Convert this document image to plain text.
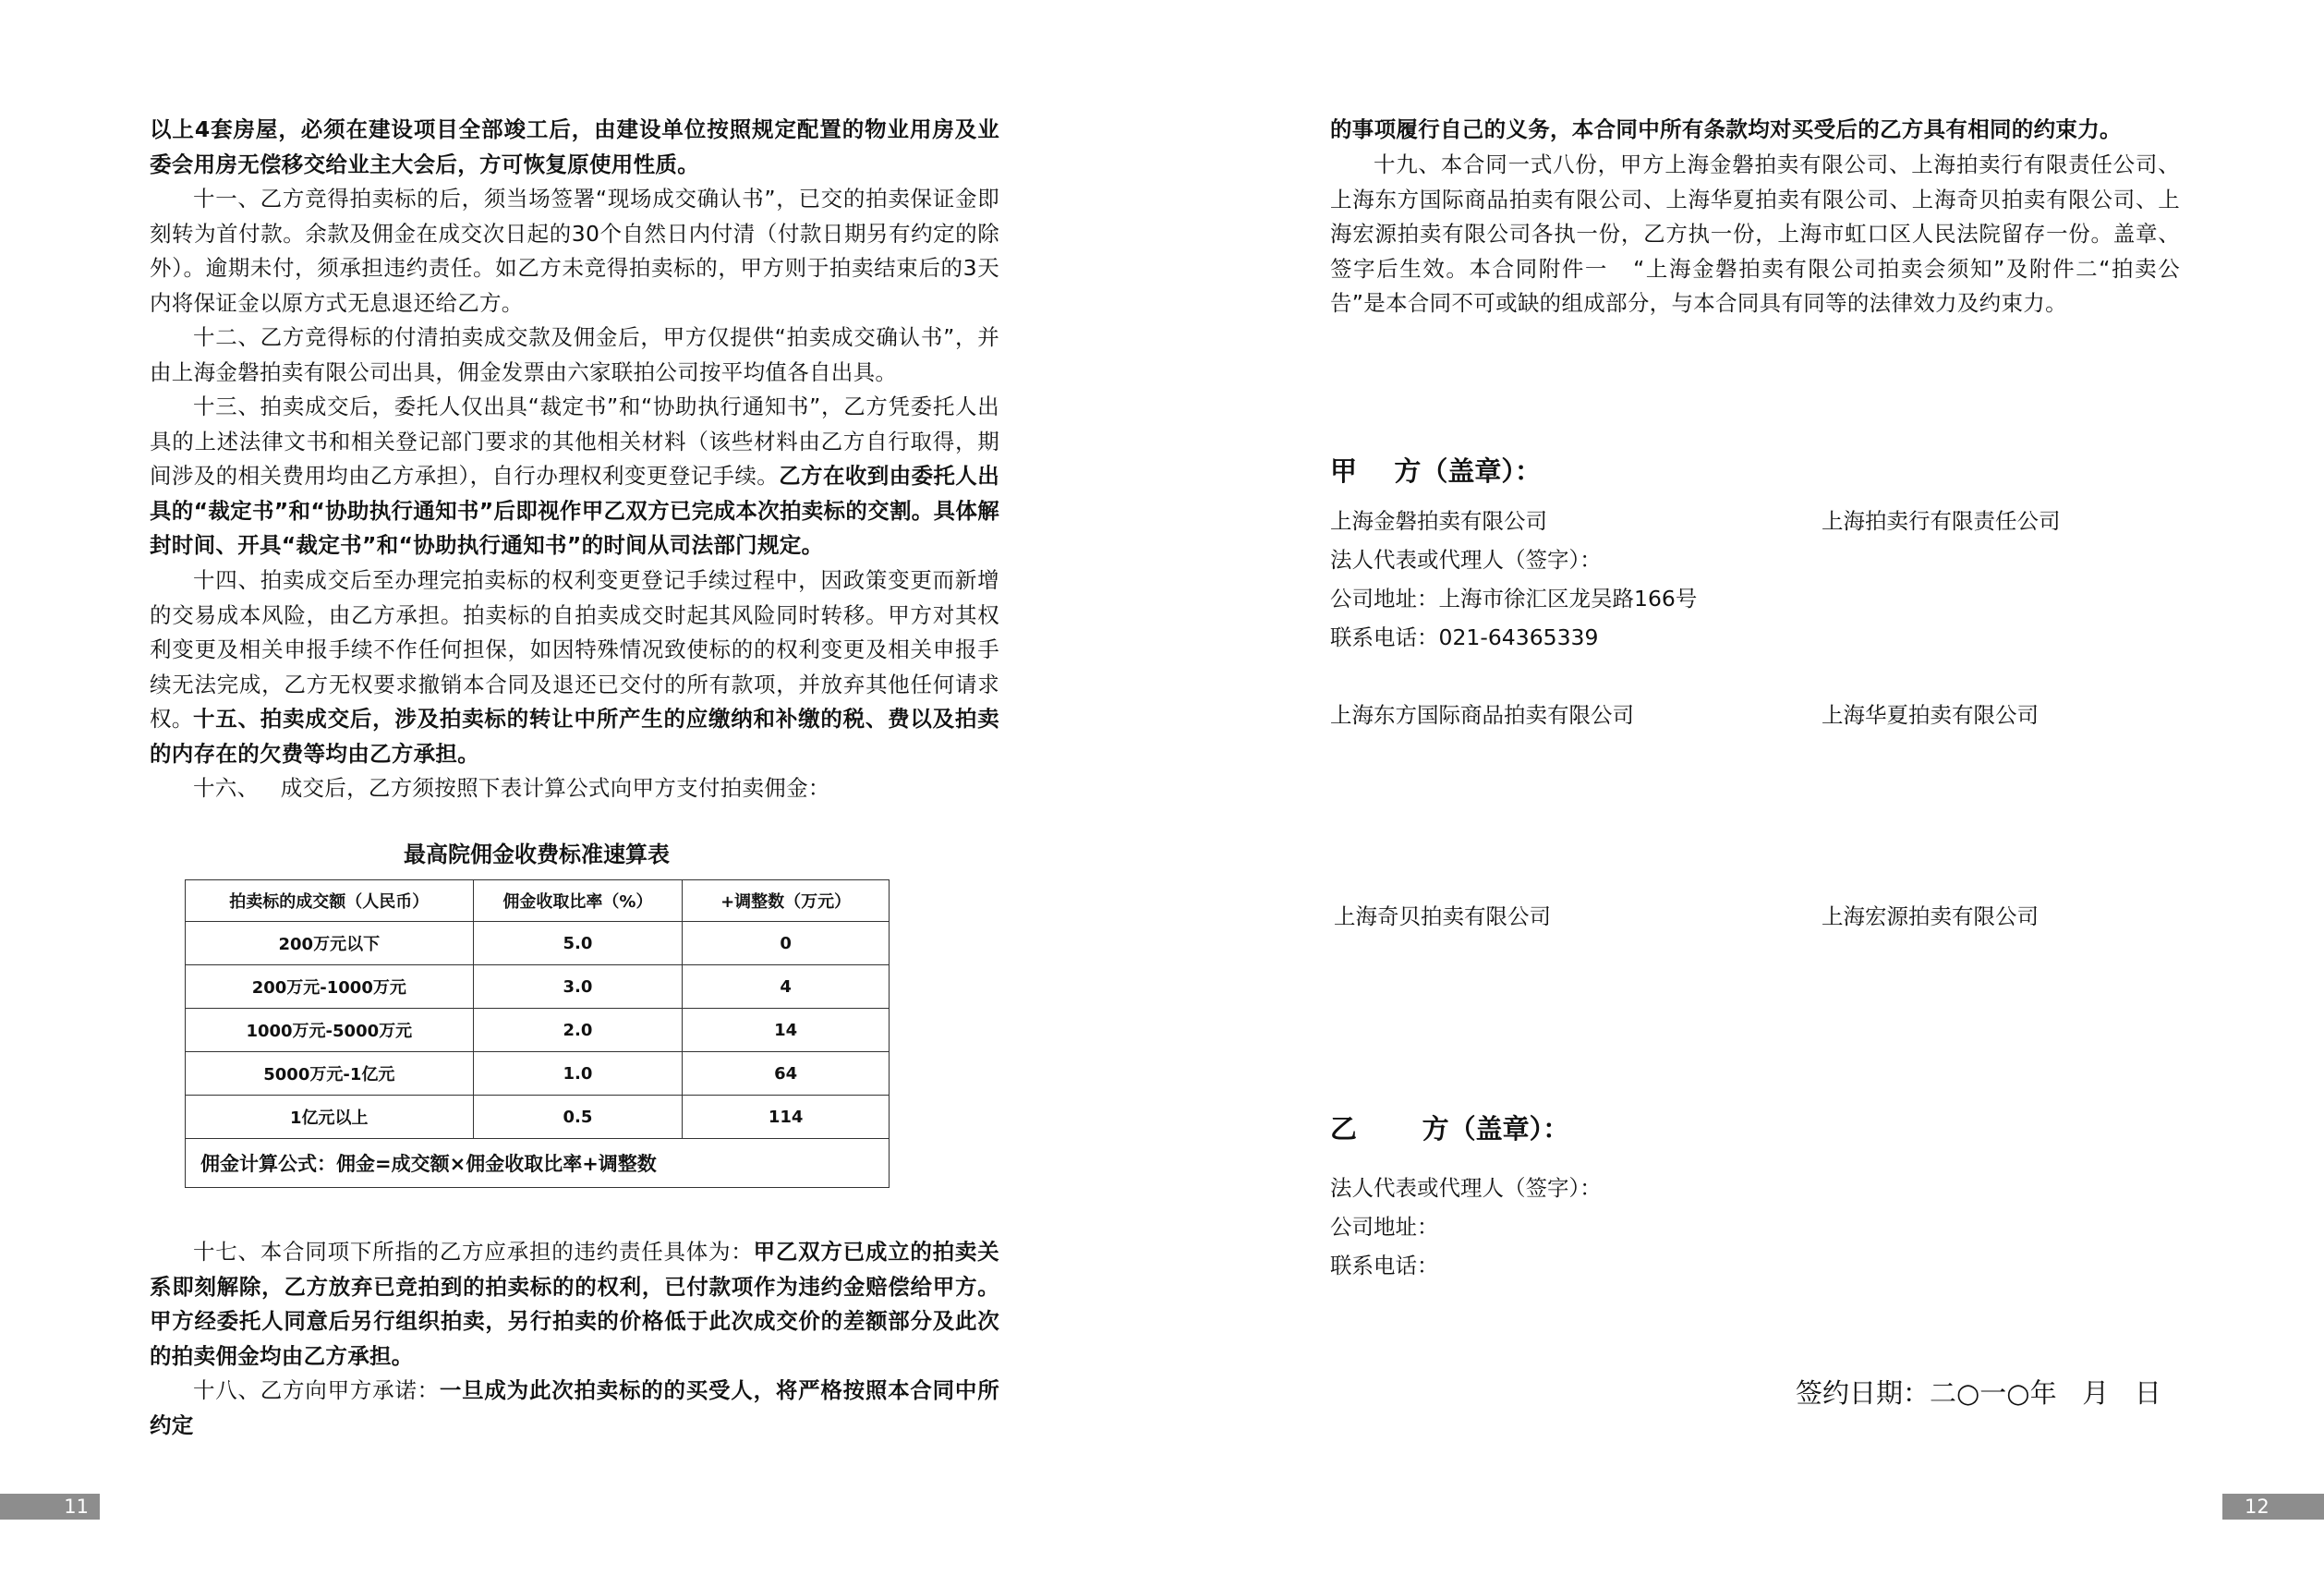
以上4套房屋，必须在建设项目全部竣工后，由建设单位按照规定配置的物业用房及业委会用房无偿移交给业主大会后，方可恢复原使用性质。

十一、乙方竞得拍卖标的后，须当场签署“现场成交确认书”，已交的拍卖保证金即刻转为首付款。余款及佣金在成交次日起的30个自然日内付清（付款日期另有约定的除外）。逾期未付，须承担违约责任。如乙方未竞得拍卖标的，甲方则于拍卖结束后的3天内将保证金以原方式无息退还给乙方。

十二、乙方竞得标的付清拍卖成交款及佣金后，甲方仅提供“拍卖成交确认书”，并由上海金磐拍卖有限公司出具，佣金发票由六家联拍公司按平均值各自出具。

十三、拍卖成交后，委托人仅出具“裁定书”和“协助执行通知书”，乙方凭委托人出具的上述法律文书和相关登记部门要求的其他相关材料（该些材料由乙方自行取得，期间涉及的相关费用均由乙方承担），自行办理权利变更登记手续。乙方在收到由委托人出具的“裁定书”和“协助执行通知书”后即视作甲乙双方已完成本次拍卖标的交割。具体解封时间、开具“裁定书”和“协助执行通知书”的时间从司法部门规定。

十四、拍卖成交后至办理完拍卖标的权利变更登记手续过程中，因政策变更而新增的交易成本风险，由乙方承担。拍卖标的自拍卖成交时起其风险同时转移。甲方对其权利变更及相关申报手续不作任何担保，如因特殊情况致使标的的权利变更及相关申报手续无法完成，乙方无权要求撤销本合同及退还已交付的所有款项，并放弃其他任何请求权。 十五、拍卖成交后，涉及拍卖标的转让中所产生的应缴纳和补缴的税、费以及拍卖的内存在的欠费等均由乙方承担。

十六、   成交后，乙方须按照下表计算公式向甲方支付拍卖佣金：

最高院佣金收费标准速算表

拍卖标的成交额（人民币）	佣金收取比率（%）	+调整数（万元）
200万元以下	5.0	0
200万元-1000万元	3.0	4
1000万元-5000万元	2.0	14
5000万元-1亿元	1.0	64
1亿元以上	0.5	114
佣金计算公式：佣金=成交额×佣金收取比率+调整数		

十七、本合同项下所指的乙方应承担的违约责任具体为：甲乙双方已成立的拍卖关系即刻解除，乙方放弃已竞拍到的拍卖标的的权利，已付款项作为违约金赔偿给甲方。甲方经委托人同意后另行组织拍卖，另行拍卖的价格低于此次成交价的差额部分及此次的拍卖佣金均由乙方承担。

十八、乙方向甲方承诺：一旦成为此次拍卖标的的买受人，将严格按照本合同中所约定

11

的事项履行自己的义务，本合同中所有条款均对买受后的乙方具有相同的约束力。

十九、本合同一式八份，甲方上海金磐拍卖有限公司、上海拍卖行有限责任公司、上海东方国际商品拍卖有限公司、上海华夏拍卖有限公司、上海奇贝拍卖有限公司、上海宏源拍卖有限公司各执一份，乙方执一份，上海市虹口区人民法院留存一份。盖章、签字后生效。本合同附件一   “上海金磐拍卖有限公司拍卖会须知”及附件二“拍卖公告”是本合同不可或缺的组成部分，与本合同具有同等的法律效力及约束力。

甲    方（盖章）：

上海金磐拍卖有限公司	上海拍卖行有限责任公司

法人代表或代理人（签字）：

公司地址：上海市徐汇区龙吴路166号

联系电话：021-64365339

上海东方国际商品拍卖有限公司	上海华夏拍卖有限公司

上海奇贝拍卖有限公司	上海宏源拍卖有限公司

乙       方（盖章）：

法人代表或代理人（签字）：

公司地址：

联系电话：

签约日期：二○一○年   月   日

12
